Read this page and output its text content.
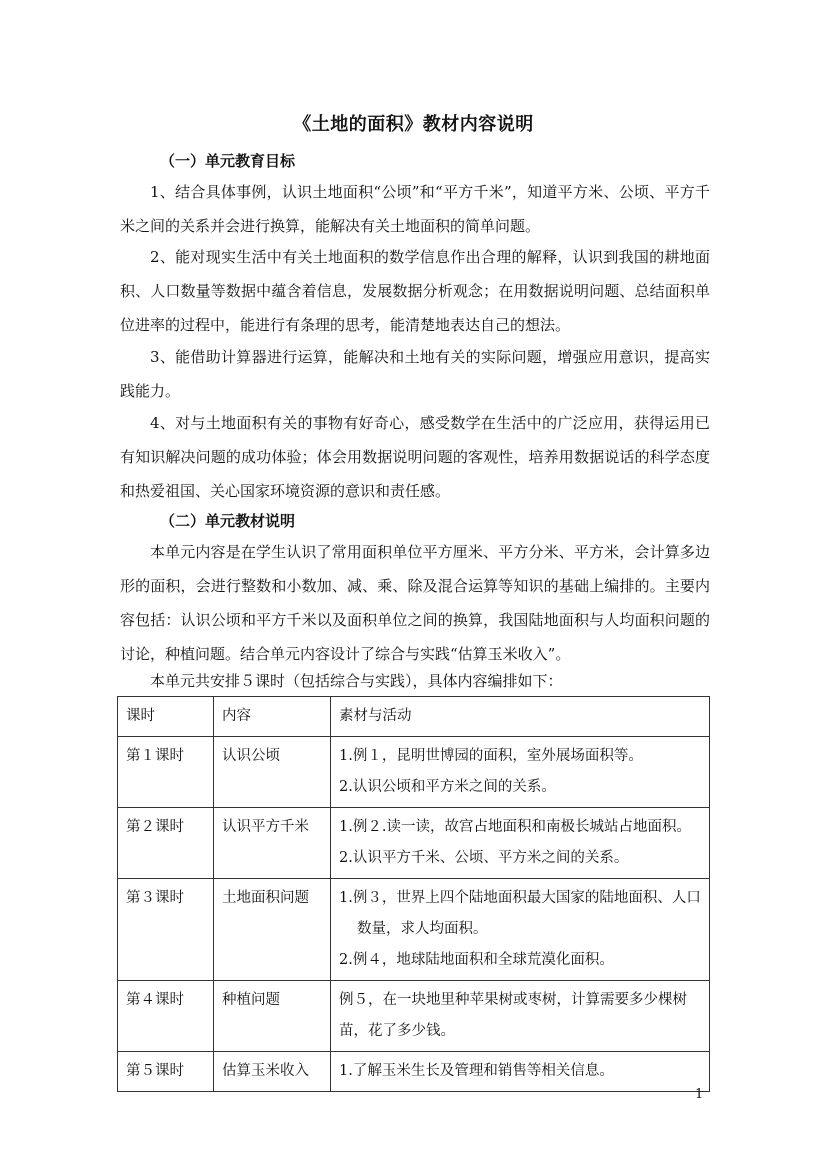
《土地的面积》教材内容说明
（一）单元教育目标
1、结合具体事例，认识土地面积“公顷”和“平方千米”，知道平方米、公顷、平方千米之间的关系并会进行换算，能解决有关土地面积的简单问题。
2、能对现实生活中有关土地面积的数学信息作出合理的解释，认识到我国的耕地面积、人口数量等数据中蕴含着信息，发展数据分析观念；在用数据说明问题、总结面积单位进率的过程中，能进行有条理的思考，能清楚地表达自己的想法。
3、能借助计算器进行运算，能解决和土地有关的实际问题，增强应用意识，提高实践能力。
4、对与土地面积有关的事物有好奇心，感受数学在生活中的广泛应用，获得运用已有知识解决问题的成功体验；体会用数据说明问题的客观性，培养用数据说话的科学态度和热爱祖国、关心国家环境资源的意识和责任感。
（二）单元教材说明
本单元内容是在学生认识了常用面积单位平方厘米、平方分米、平方米，会计算多边形的面积，会进行整数和小数加、减、乘、除及混合运算等知识的基础上编排的。主要内容包括：认识公顷和平方千米以及面积单位之间的换算，我国陆地面积与人均面积问题的讨论，种植问题。结合单元内容设计了综合与实践“估算玉米收入”。
本单元共安排５课时（包括综合与实践），具体内容编排如下：
课时	内容	素材与活动
第１课时	认识公顷	1.例１，昆明世博园的面积，室外展场面积等。
2.认识公顷和平方米之间的关系。

第２课时	认识平方千米	1.例２.读一读，故宫占地面积和南极长城站占地面积。
2.认识平方千米、公顷、平方米之间的关系。

第３课时	土地面积问题	1.例３，世界上四个陆地面积最大国家的陆地面积、人口
数量，求人均面积。
2.例４，地球陆地面积和全球荒漠化面积。

第４课时	种植问题	例５，在一块地里种苹果树或枣树，计算需要多少棵树苗，花了多少钱。

第５课时	估算玉米收入	1.了解玉米生长及管理和销售等相关信息。
1
